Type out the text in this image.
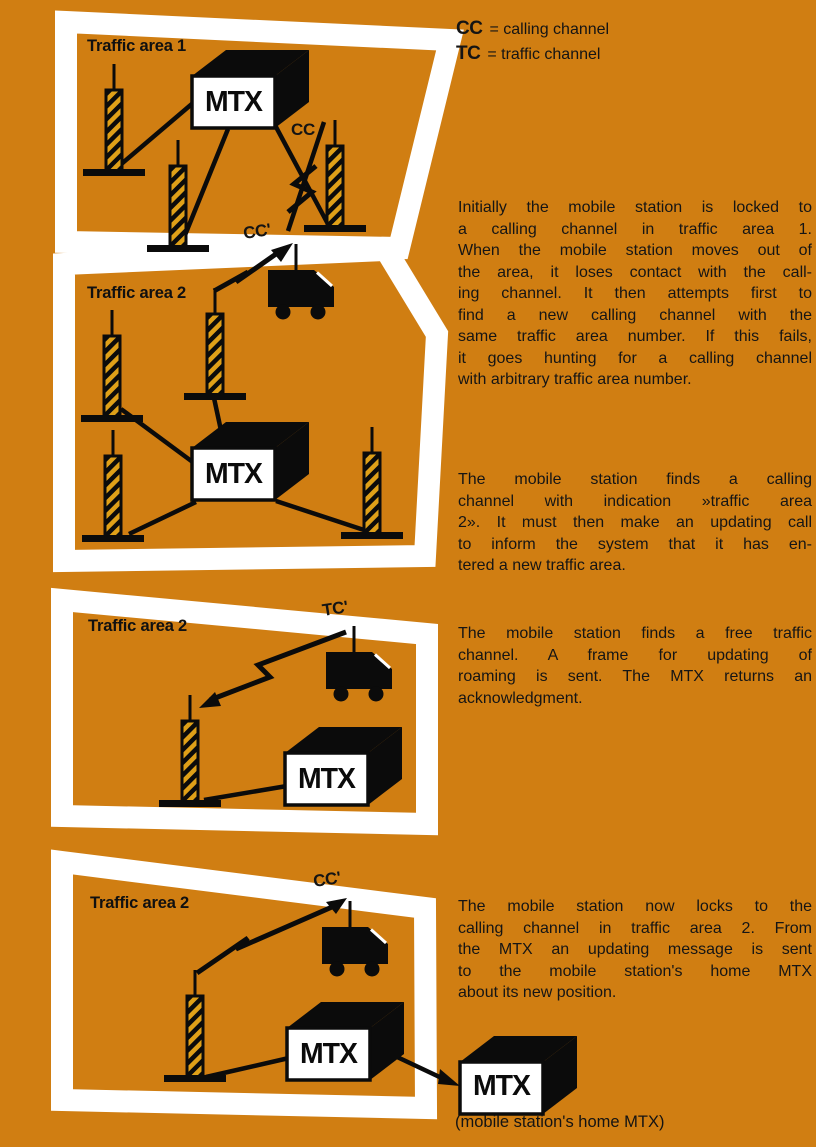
CC = calling channel
TC = traffic channel
Traffic area 1
Traffic area 2
Traffic area 2
Traffic area 2
CC
CC'
TC'
CC'
MTX
MTX
MTX
MTX
MTX
Initially the mobile station is locked to
a calling channel in traffic area 1.
When the mobile station moves out of
the area, it loses contact with the call-
ing channel. It then attempts first to
find a new calling channel with the
same traffic area number. If this fails,
it goes hunting for a calling channel
with arbitrary traffic area number.
The mobile station finds a calling
channel with indication »traffic area
2». It must then make an updating call
to inform the system that it has en-
tered a new traffic area.
The mobile station finds a free traffic
channel. A frame for updating of
roaming is sent. The MTX returns an
acknowledgment.
The mobile station now locks to the
calling channel in traffic area 2. From
the MTX an updating message is sent
to the mobile station's home MTX
about its new position.
(mobile station's home MTX)
